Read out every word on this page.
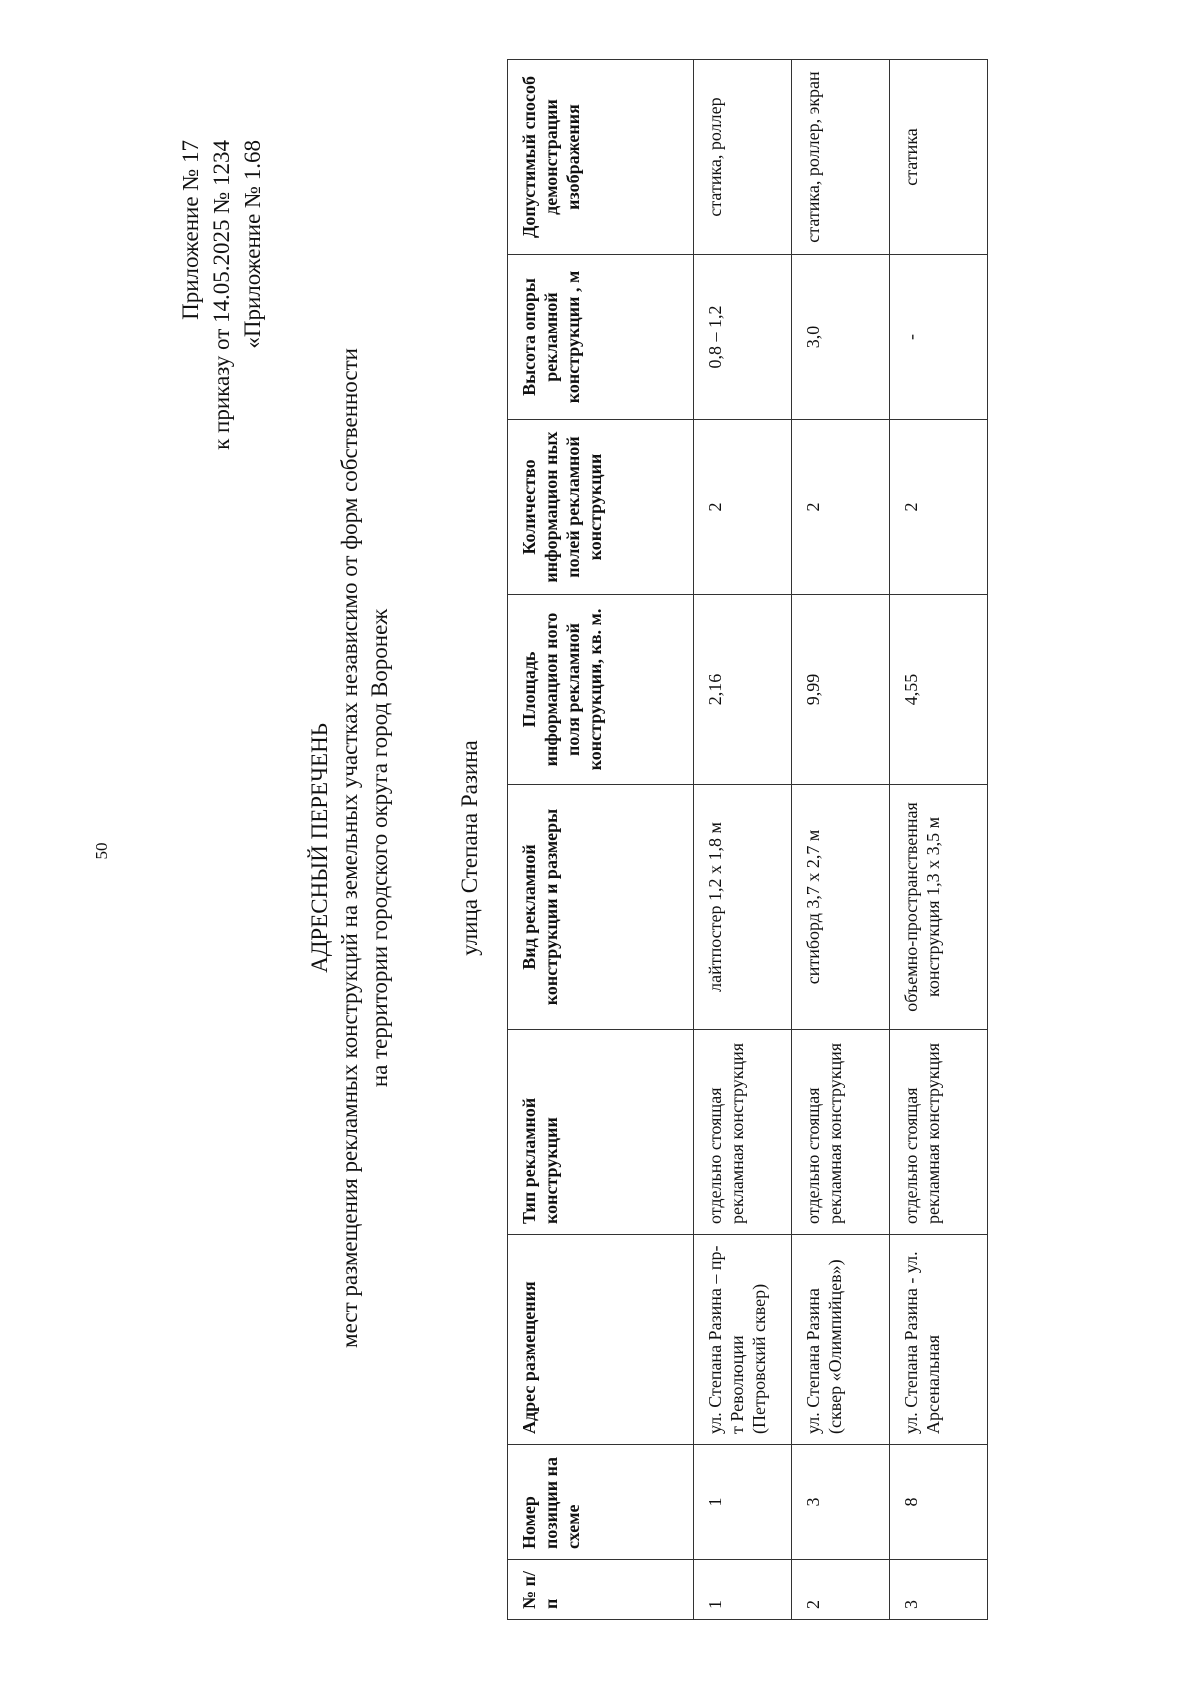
50
Приложение № 17 к приказу от 14.05.2025 № 1234 «Приложение № 1.68
АДРЕСНЫЙ ПЕРЕЧЕНЬ мест размещения рекламных конструкций на земельных участках независимо от форм собственности на территории городского округа город Воронеж	улица Степана Разина
№ п/п	Номер позиции на схеме	Адрес размещения	Тип рекламной конструкции	Вид рекламной конструкции и размеры	Площадь информацион ного поля рекламной конструкции, кв. м.	Количество информацион ных полей рекламной конструкции	Высота опоры рекламной конструкции , м	Допустимый способ демонстрации изображения
1	1	ул. Степана Разина – пр-т Революции (Петровский сквер)	отдельно стоящая рекламная конструкция	лайтпостер 1,2 х 1,8 м	2,16	2	0,8 – 1,2	статика, роллер
2	3	ул. Степана Разина (сквер «Олимпийцев»)	отдельно стоящая рекламная конструкция	ситиборд 3,7 х 2,7 м	9,99	2	3,0	статика, роллер, экран
3	8	ул. Степана Разина - ул. Арсенальная	отдельно стоящая рекламная конструкция	объемно-пространственная конструкция 1,3 х 3,5 м	4,55	2	-	статика
